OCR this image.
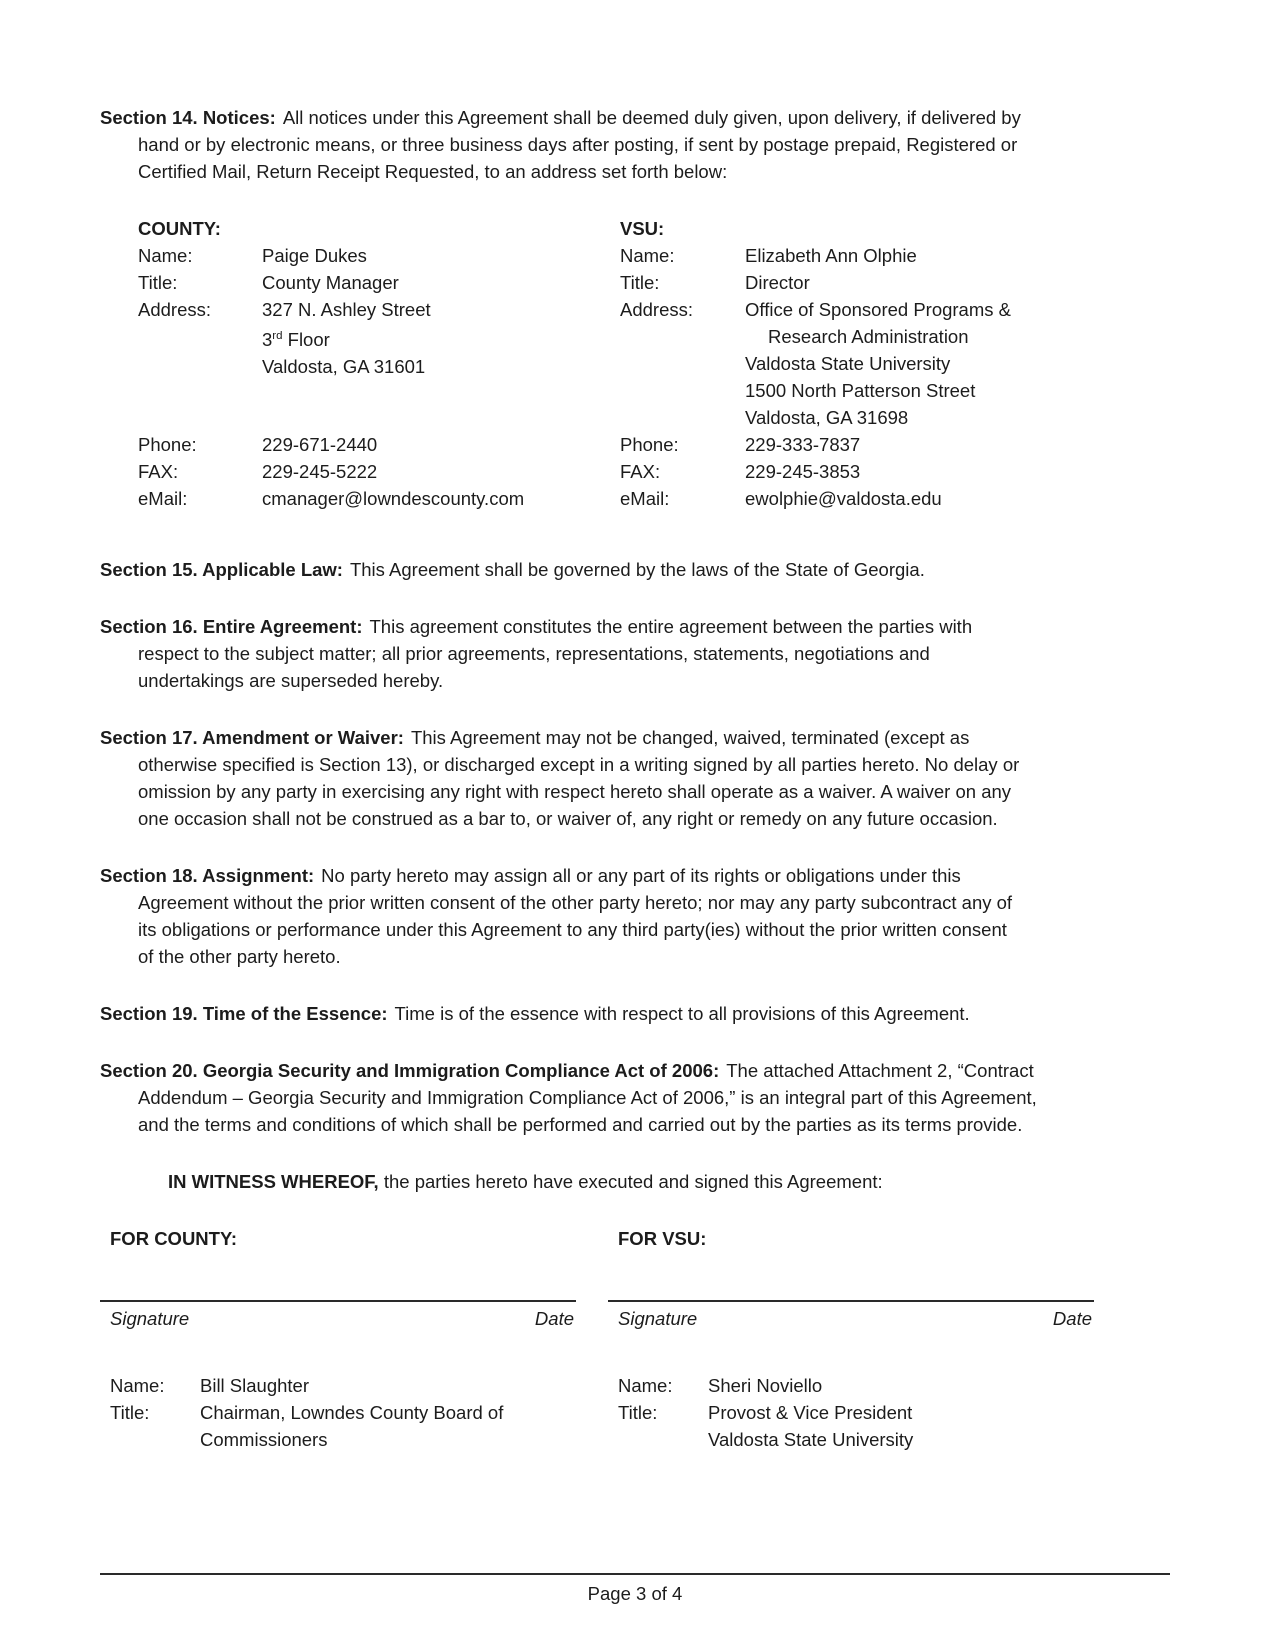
Section 14. Notices: All notices under this Agreement shall be deemed duly given, upon delivery, if delivered by
hand or by electronic means, or three business days after posting, if sent by postage prepaid, Registered or
Certified Mail, Return Receipt Requested, to an address set forth below:

COUNTY:	VSU:
Name:	Paige Dukes	Name:	Elizabeth Ann Olphie
Title:	County Manager	Title:	Director
Address:	327 N. Ashley Street
3rd Floor
Valdosta, GA 31601
Address:	Office of Sponsored Programs &
Research Administration
Valdosta State University
1500 North Patterson Street
Valdosta, GA 31698
Phone:	229-671-2440	Phone:	229-333-7837
FAX:	229-245-5222	FAX:	229-245-3853
eMail:	cmanager@lowndescounty.com	eMail:	ewolphie@valdosta.edu

Section 15. Applicable Law: This Agreement shall be governed by the laws of the State of Georgia.

Section 16. Entire Agreement: This agreement constitutes the entire agreement between the parties with
respect to the subject matter; all prior agreements, representations, statements, negotiations and
undertakings are superseded hereby.

Section 17. Amendment or Waiver: This Agreement may not be changed, waived, terminated (except as
otherwise specified is Section 13), or discharged except in a writing signed by all parties hereto. No delay or
omission by any party in exercising any right with respect hereto shall operate as a waiver. A waiver on any
one occasion shall not be construed as a bar to, or waiver of, any right or remedy on any future occasion.

Section 18. Assignment: No party hereto may assign all or any part of its rights or obligations under this
Agreement without the prior written consent of the other party hereto; nor may any party subcontract any of
its obligations or performance under this Agreement to any third party(ies) without the prior written consent
of the other party hereto.

Section 19. Time of the Essence: Time is of the essence with respect to all provisions of this Agreement.

Section 20. Georgia Security and Immigration Compliance Act of 2006: The attached Attachment 2, “Contract
Addendum – Georgia Security and Immigration Compliance Act of 2006,” is an integral part of this Agreement,
and the terms and conditions of which shall be performed and carried out by the parties as its terms provide.

IN WITNESS WHEREOF, the parties hereto have executed and signed this Agreement:

FOR COUNTY:
Signature	Date
Name:	Bill Slaughter
Title:	Chairman, Lowndes County Board of
Commissioners
FOR VSU:
Signature	Date
Name:	Sheri Noviello
Title:	Provost & Vice President
Valdosta State University
Page 3 of 4
